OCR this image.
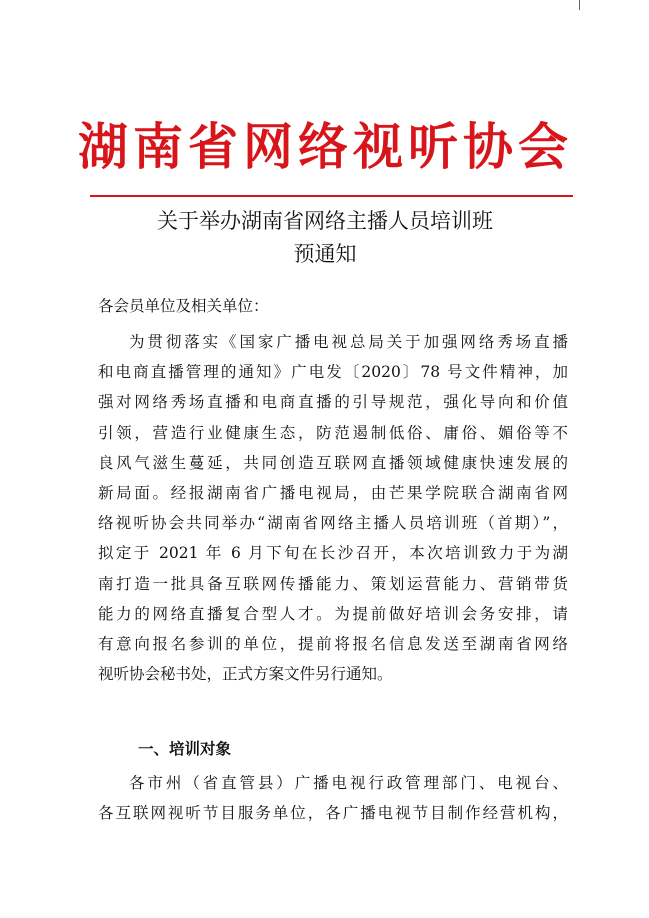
湖南省网络视听协会
关于举办湖南省网络主播人员培训班
预通知
各会员单位及相关单位：
为贯彻落实《国家广播电视总局关于加强网络秀场直播
和电商直播管理的通知》广电发〔2020〕78 号文件精神，加
强对网络秀场直播和电商直播的引导规范，强化导向和价值
引领，营造行业健康生态，防范遏制低俗、庸俗、媚俗等不
良风气滋生蔓延，共同创造互联网直播领域健康快速发展的
新局面。经报湖南省广播电视局，由芒果学院联合湖南省网
络视听协会共同举办“湖南省网络主播人员培训班（首期）”，
拟定于 2021 年 6 月下旬在长沙召开，本次培训致力于为湖
南打造一批具备互联网传播能力、策划运营能力、营销带货
能力的网络直播复合型人才。为提前做好培训会务安排，请
有意向报名参训的单位，提前将报名信息发送至湖南省网络
视听协会秘书处，正式方案文件另行通知。
一、培训对象
各市州（省直管县）广播电视行政管理部门、电视台、
各互联网视听节目服务单位，各广播电视节目制作经营机构，
